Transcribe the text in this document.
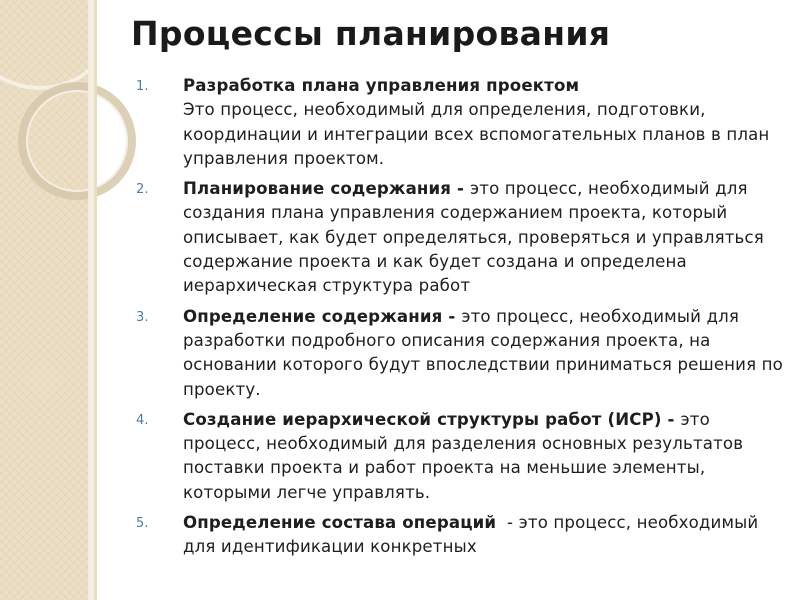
Процессы планирования
1. Разработка плана управления проектом
Это процесс, необходимый для определения, подготовки, координации и интеграции всех вспомогательных планов в план управления проектом.
2. Планирование содержания - это процесс, необходимый для создания плана управления содержанием проекта, который описывает, как будет определяться, проверяться и управляться содержание проекта и как будет создана и определена иерархическая структура работ
3. Определение содержания - это процесс, необходимый для разработки подробного описания содержания проекта, на основании которого будут впоследствии приниматься решения по проекту.
4. Создание иерархической структуры работ (ИСР) - это процесс, необходимый для разделения основных результатов поставки проекта и работ проекта на меньшие элементы, которыми легче управлять.
5. Определение состава операций  - это процесс, необходимый для идентификации конкретных
